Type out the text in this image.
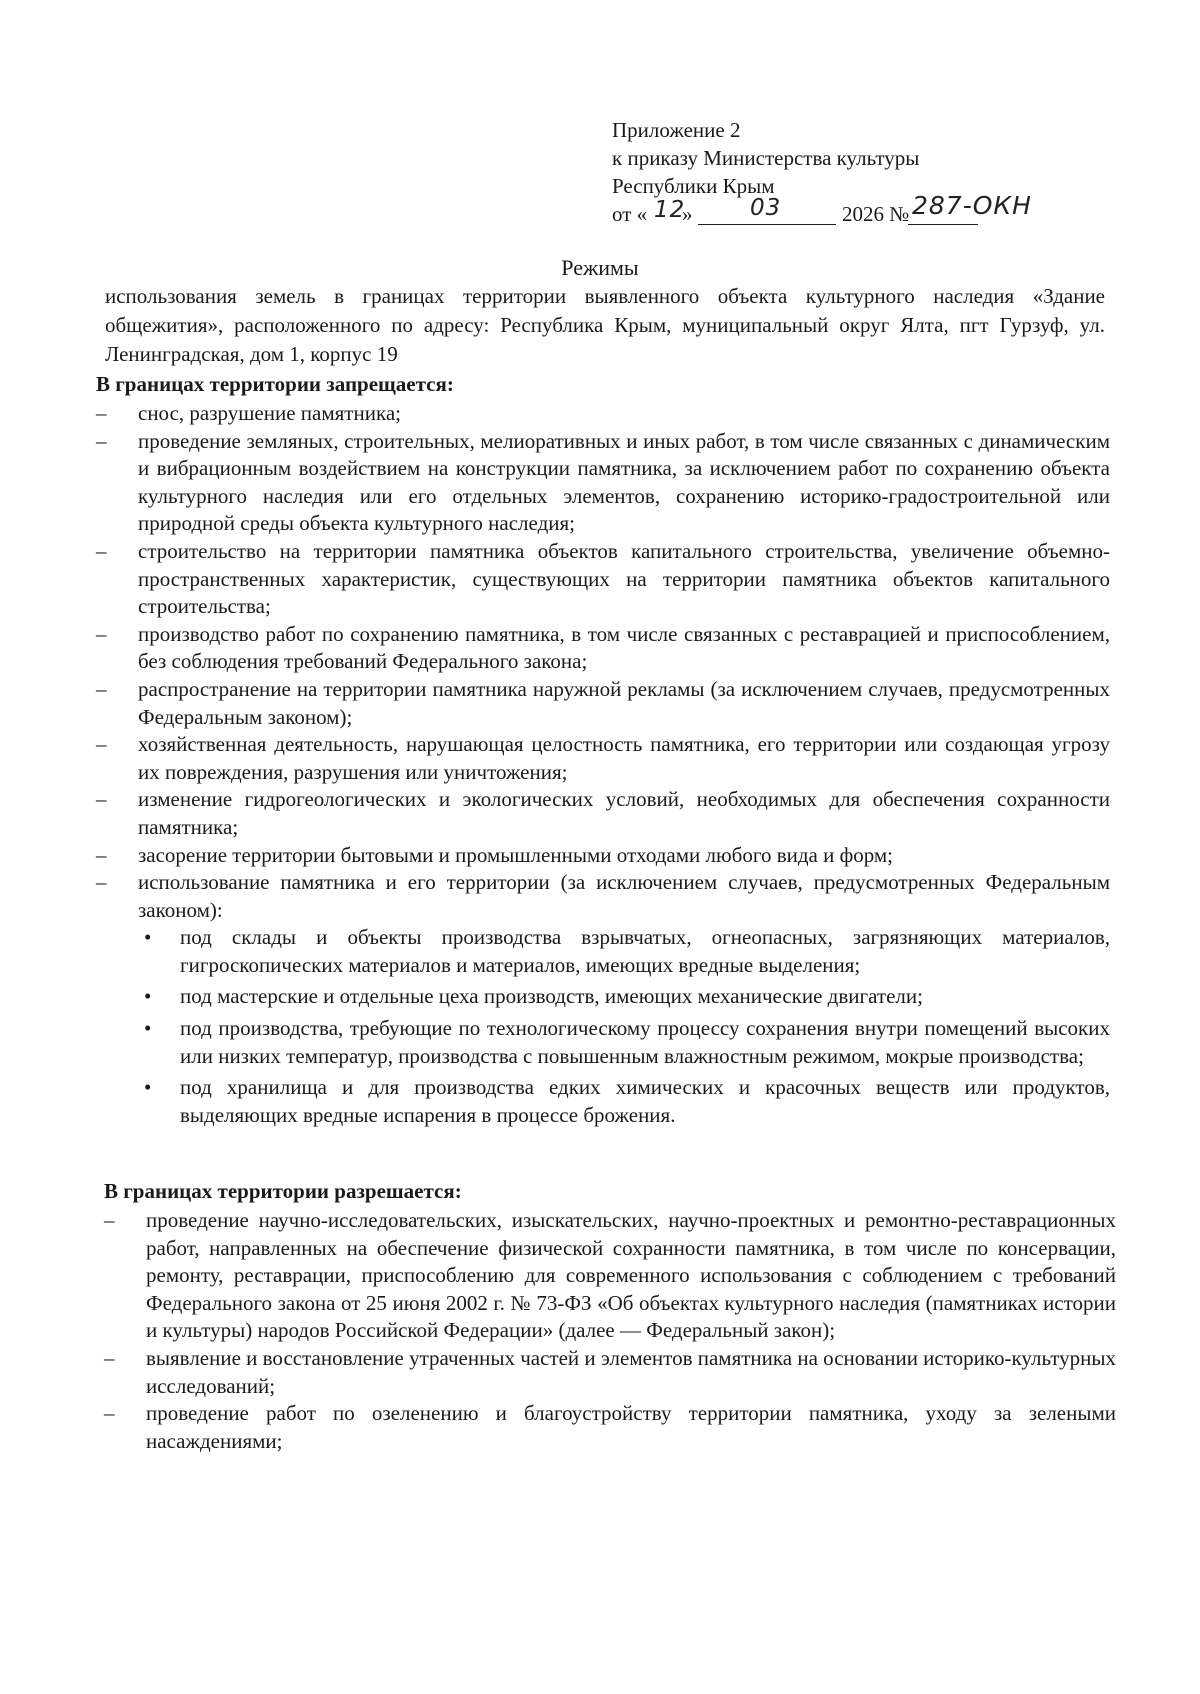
Приложение 2
к приказу Министерства культуры
Республики Крым
от « 12
»	03	2026 № 287-ОКН
Режимы
использования земель в границах территории выявленного объекта культурного наследия «Здание общежития», расположенного по адресу: Республика Крым, муниципальный округ Ялта, пгт Гурзуф, ул. Ленинградская, дом 1, корпус 19
В границах территории запрещается:
– снос, разрушение памятника;
– проведение земляных, строительных, мелиоративных и иных работ, в том числе связанных с динамическим и вибрационным воздействием на конструкции памятника, за исключением работ по сохранению объекта культурного наследия или его отдельных элементов, сохранению историко-градостроительной или природной среды объекта культурного наследия;
– строительство на территории памятника объектов капитального строительства, увеличение объемно-пространственных характеристик, существующих на территории памятника объектов капитального строительства;
– производство работ по сохранению памятника, в том числе связанных с реставрацией и приспособлением, без соблюдения требований Федерального закона;
– распространение на территории памятника наружной рекламы (за исключением случаев, предусмотренных Федеральным законом);
– хозяйственная деятельность, нарушающая целостность памятника, его территории или создающая угрозу их повреждения, разрушения или уничтожения;
– изменение гидрогеологических и экологических условий, необходимых для обеспечения сохранности памятника;
– засорение территории бытовыми и промышленными отходами любого вида и форм;
– использование памятника и его территории (за исключением случаев, предусмотренных Федеральным законом):
• под склады и объекты производства взрывчатых, огнеопасных, загрязняющих материалов, гигроскопических материалов и материалов, имеющих вредные выделения;
• под мастерские и отдельные цеха производств, имеющих механические двигатели;
• под производства, требующие по технологическому процессу сохранения внутри помещений высоких или низких температур, производства с повышенным влажностным режимом, мокрые производства;
• под хранилища и для производства едких химических и красочных веществ или продуктов, выделяющих вредные испарения в процессе брожения.
В границах территории разрешается:
– проведение научно-исследовательских, изыскательских, научно-проектных и ремонтно-реставрационных работ, направленных на обеспечение физической сохранности памятника, в том числе по консервации, ремонту, реставрации, приспособлению для современного использования с соблюдением с требований Федерального закона от 25 июня 2002 г. № 73-ФЗ «Об объектах культурного наследия (памятниках истории и культуры) народов Российской Федерации» (далее — Федеральный закон);
– выявление и восстановление утраченных частей и элементов памятника на основании историко-культурных исследований;
– проведение работ по озеленению и благоустройству территории памятника, уходу за зелеными насаждениями;
